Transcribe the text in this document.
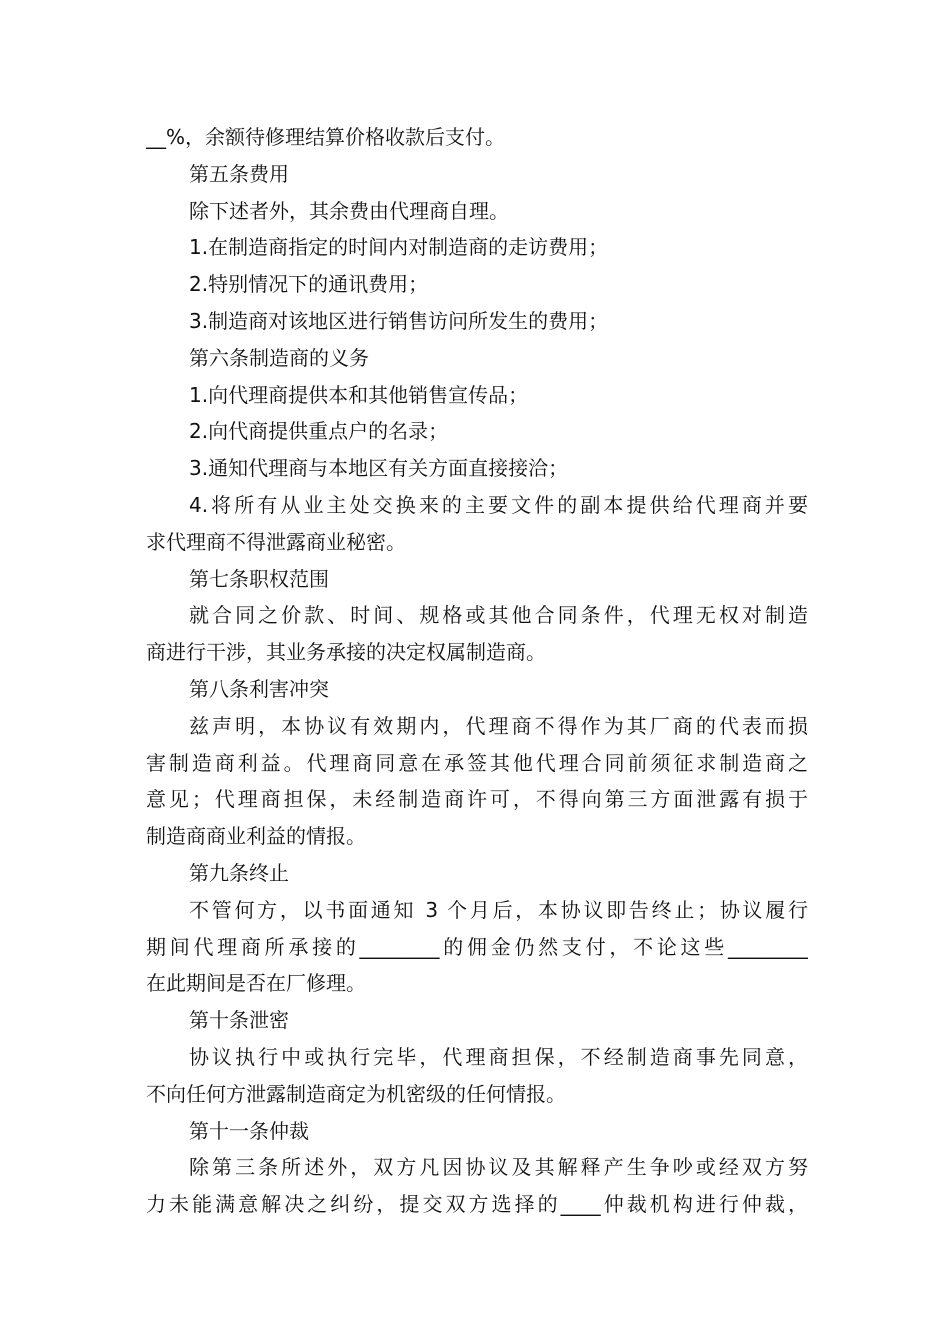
__%，余额待修理结算价格收款后支付。
第五条费用
除下述者外，其余费由代理商自理。
1.在制造商指定的时间内对制造商的走访费用；
2.特别情况下的通讯费用；
3.制造商对该地区进行销售访问所发生的费用；
第六条制造商的义务
1.向代理商提供本和其他销售宣传品；
2.向代商提供重点户的名录；
3.通知代理商与本地区有关方面直接接洽；
4.将所有从业主处交换来的主要文件的副本提供给代理商并要
求代理商不得泄露商业秘密。
第七条职权范围
就合同之价款、时间、规格或其他合同条件，代理无权对制造
商进行干涉，其业务承接的决定权属制造商。
第八条利害冲突
兹声明，本协议有效期内，代理商不得作为其厂商的代表而损
害制造商利益。代理商同意在承签其他代理合同前须征求制造商之
意见；代理商担保，未经制造商许可，不得向第三方面泄露有损于
制造商商业利益的情报。
第九条终止
不管何方，以书面通知 3 个月后，本协议即告终止；协议履行
期间代理商所承接的________的佣金仍然支付，不论这些________
在此期间是否在厂修理。
第十条泄密
协议执行中或执行完毕，代理商担保，不经制造商事先同意，
不向任何方泄露制造商定为机密级的任何情报。
第十一条仲裁
除第三条所述外，双方凡因协议及其解释产生争吵或经双方努
力未能满意解决之纠纷，提交双方选择的____仲裁机构进行仲裁，
